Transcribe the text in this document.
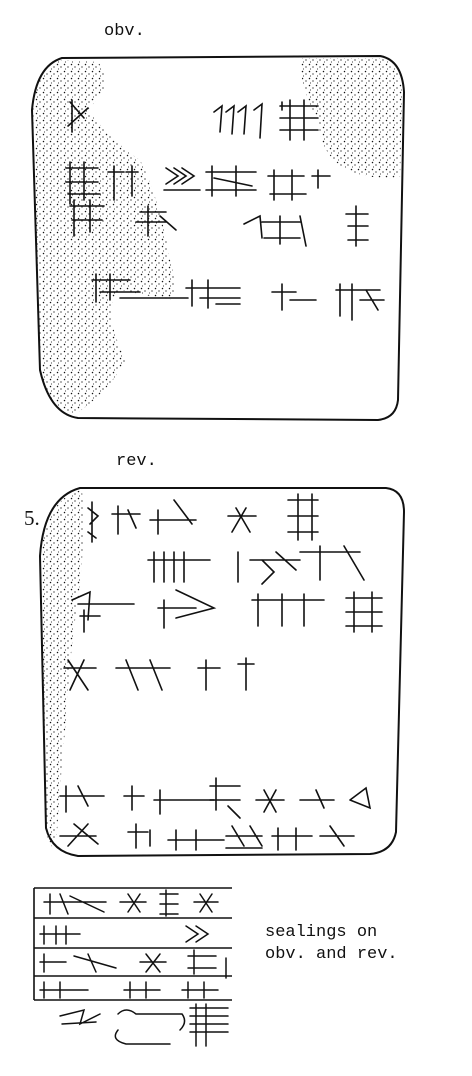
obv.
rev.
5.
sealings on
obv. and rev.
